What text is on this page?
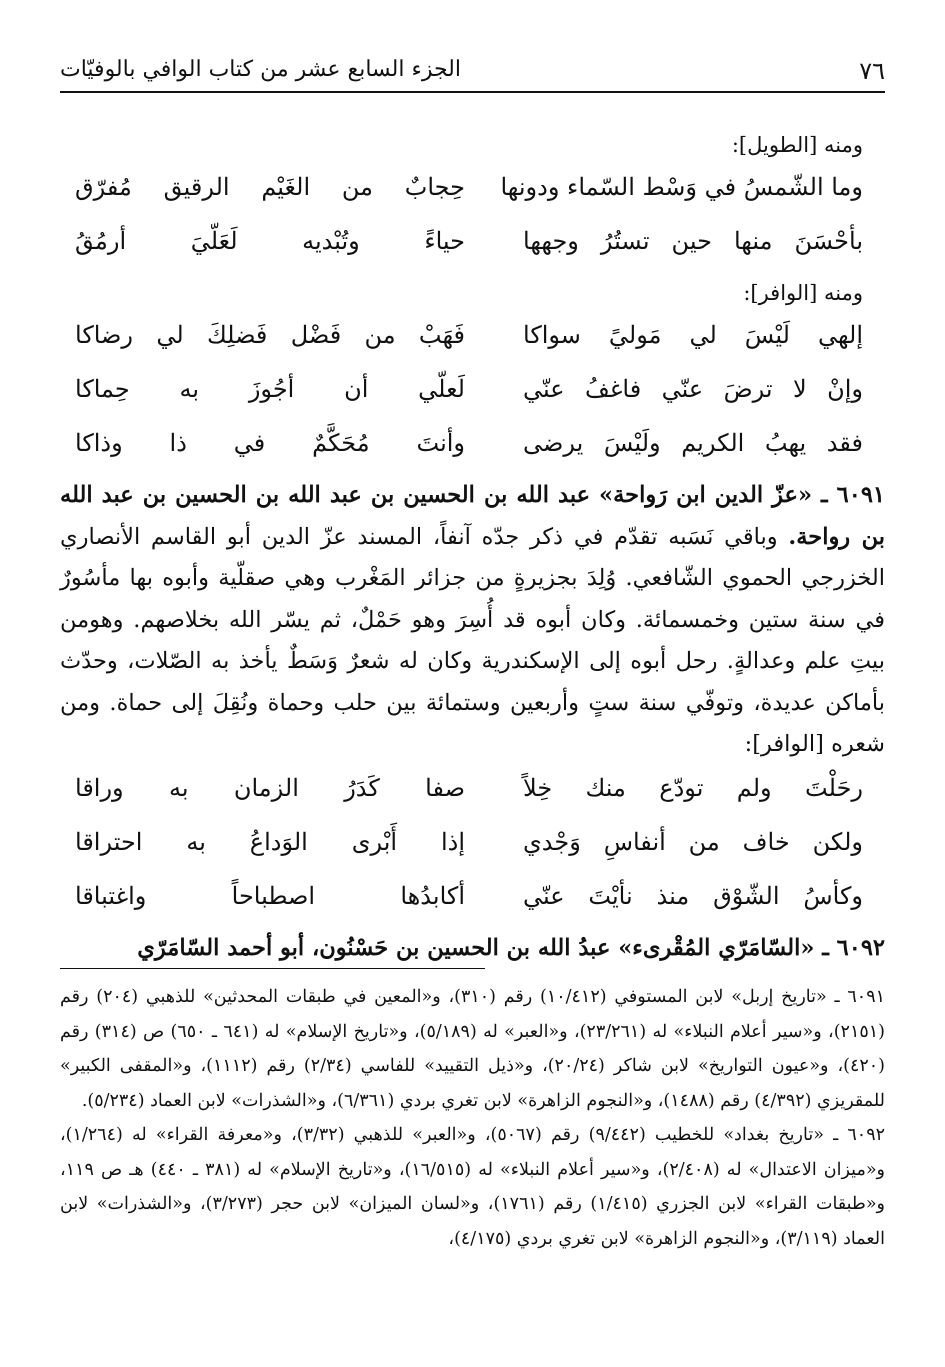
٧٦
الجزء السابع عشر من كتاب الوافي بالوفيّات
ومنه [الطويل]:
وما الشّمسُ في وَسْط السّماء ودونها
حِجابٌ من الغَيْم الرقيق مُفرّق
بأحْسَنَ منها حين تستُرُ وجهها
حياءً وتُبْديه لَعَلّيَ أرمُقُ
ومنه [الوافر]:
إلهي لَيْسَ لي مَوليً سواكا
فَهَبْ من فَضْل فَضلِكَ لي رضاكا
وإنْ لا ترضَ عنّي فاغفُ عنّي
لَعلّي أن أجُوزَ به حِماكا
فقد يهبُ الكريم ولَيْسَ يرضى
وأنتَ مُحَكَّمٌ في ذا وذاكا
٦٠٩١ ـ «عزّ الدين ابن رَواحة» عبد الله بن الحسين بن عبد الله بن الحسين بن عبد الله بن رواحة. وباقي نَسَبه تقدّم في ذكر جدّه آنفاً، المسند عزّ الدين أبو القاسم الأنصاري الخزرجي الحموي الشّافعي. وُلِدَ بجزيرةٍ من جزائر المَغْرب وهي صقلّية وأبوه بها مأسُورٌ في سنة ستين وخمسمائة. وكان أبوه قد أُسِرَ وهو حَمْلٌ، ثم يسّر الله بخلاصهم. وهومن بيتِ علم وعدالةٍ. رحل أبوه إلى الإسكندرية وكان له شعرٌ وَسَطٌ يأخذ به الصّلات، وحدّث بأماكن عديدة، وتوفّي سنة ستٍ وأربعين وستمائة بين حلب وحماة ونُقِلَ إلى حماة. ومن شعره [الوافر]:
رحَلْتَ ولم تودّع منك خِلاً
صفا كَدَرُ الزمان به وراقا
ولكن خاف من أنفاسِ وَجْدي
إذا أَبْرى الوَداعُ به احتراقا
وكأسُ الشّوْق منذ نأيْتَ عنّي
أكابدُها اصطباحاً واغتباقا
٦٠٩٢ ـ «السّامَرّي المُقْرىء» عبدُ الله بن الحسين بن حَسْنُون، أبو أحمد السّامَرّي

٦٠٩١ ـ «تاريخ إربل» لابن المستوفي (١٠/٤١٢) رقم (٣١٠)، و«المعين في طبقات المحدثين» للذهبي (٢٠٤) رقم (٢١٥١)، و«سير أعلام النبلاء» له (٢٣/٢٦١)، و«العبر» له (٥/١٨٩)، و«تاريخ الإسلام» له (٦٤١ ـ ٦٥٠) ص (٣١٤) رقم (٤٢٠)، و«عيون التواريخ» لابن شاكر (٢٠/٢٤)، و«ذيل التقييد» للفاسي (٢/٣٤) رقم (١١١٢)، و«المقفى الكبير» للمقريزي (٤/٣٩٢) رقم (١٤٨٨)، و«النجوم الزاهرة» لابن تغري بردي (٦/٣٦١)، و«الشذرات» لابن العماد (٥/٢٣٤).

٦٠٩٢ ـ «تاريخ بغداد» للخطيب (٩/٤٤٢) رقم (٥٠٦٧)، و«العبر» للذهبي (٣/٣٢)، و«معرفة القراء» له (١/٢٦٤)، و«ميزان الاعتدال» له (٢/٤٠٨)، و«سير أعلام النبلاء» له (١٦/٥١٥)، و«تاريخ الإسلام» له (٣٨١ ـ ٤٤٠) هـ ص ١١٩، و«طبقات القراء» لابن الجزري (١/٤١٥) رقم (١٧٦١)، و«لسان الميزان» لابن حجر (٣/٢٧٣)، و«الشذرات» لابن العماد (٣/١١٩)، و«النجوم الزاهرة» لابن تغري بردي (٤/١٧٥)،
